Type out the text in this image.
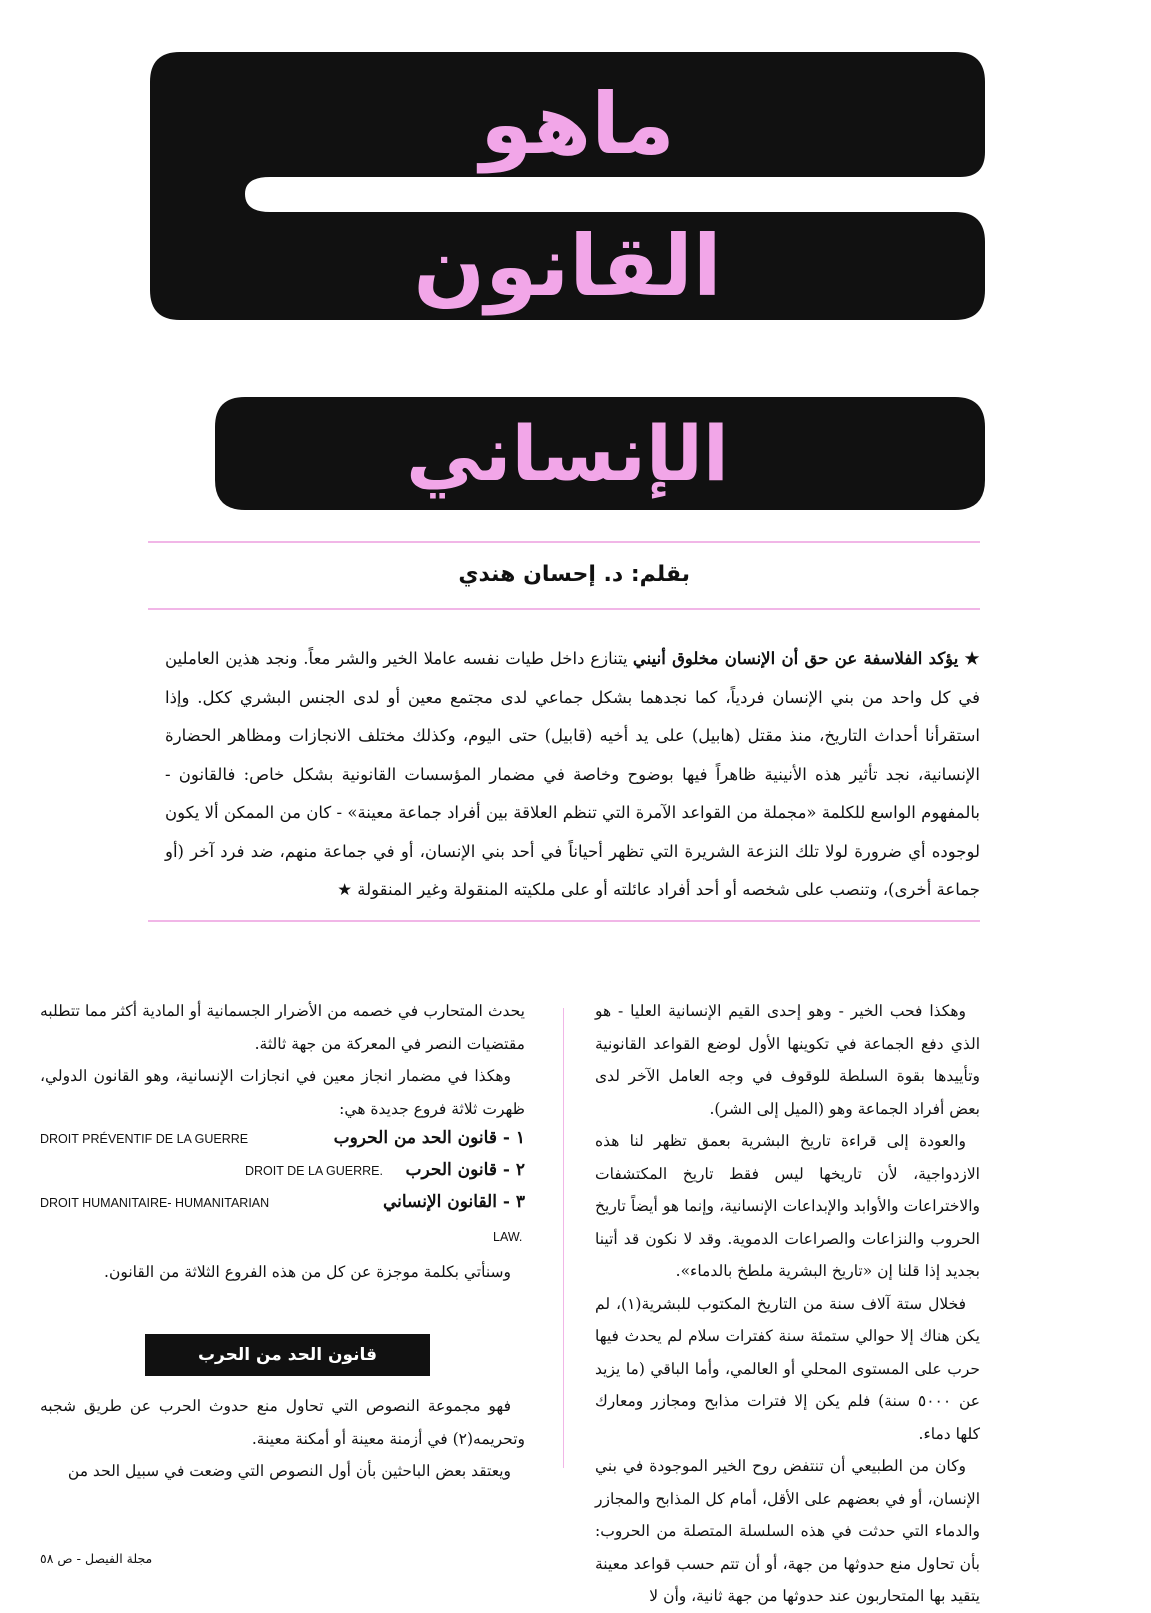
ماهو
القانون
الإنساني
بقلم: د. إحسان هندي
★ يؤكد الفلاسفة عن حق أن الإنسان مخلوق أنيني يتنازع داخل طيات نفسه عاملا الخير والشر معاً. ونجد هذين العاملين في كل واحد من بني الإنسان فردياً، كما نجدهما بشكل جماعي لدى مجتمع معين أو لدى الجنس البشري ككل. وإذا استقرأنا أحداث التاريخ، منذ مقتل (هابيل) على يد أخيه (قابيل) حتى اليوم، وكذلك مختلف الانجازات ومظاهر الحضارة الإنسانية، نجد تأثير هذه الأنينية ظاهراً فيها بوضوح وخاصة في مضمار المؤسسات القانونية بشكل خاص: فالقانون - بالمفهوم الواسع للكلمة «مجملة من القواعد الآمرة التي تنظم العلاقة بين أفراد جماعة معينة» - كان من الممكن ألا يكون لوجوده أي ضرورة لولا تلك النزعة الشريرة التي تظهر أحياناً في أحد بني الإنسان، أو في جماعة منهم، ضد فرد آخر (أو جماعة أخرى)، وتنصب على شخصه أو أحد أفراد عائلته أو على ملكيته المنقولة وغير المنقولة ★

وهكذا فحب الخير - وهو إحدى القيم الإنسانية العليا - هو الذي دفع الجماعة في تكوينها الأول لوضع القواعد القانونية وتأييدها بقوة السلطة للوقوف في وجه العامل الآخر لدى بعض أفراد الجماعة وهو (الميل إلى الشر).

والعودة إلى قراءة تاريخ البشرية بعمق تظهر لنا هذه الازدواجية، لأن تاريخها ليس فقط تاريخ المكتشفات والاختراعات والأوابد والإبداعات الإنسانية، وإنما هو أيضاً تاريخ الحروب والنزاعات والصراعات الدموية. وقد لا نكون قد أتينا بجديد إذا قلنا إن «تاريخ البشرية ملطخ بالدماء».

فخلال ستة آلاف سنة من التاريخ المكتوب للبشرية(١)، لم يكن هناك إلا حوالي ستمئة سنة كفترات سلام لم يحدث فيها حرب على المستوى المحلي أو العالمي، وأما الباقي (ما يزيد عن ٥٠٠٠ سنة) فلم يكن إلا فترات مذابح ومجازر ومعارك كلها دماء.

وكان من الطبيعي أن تنتفض روح الخير الموجودة في بني الإنسان، أو في بعضهم على الأقل، أمام كل المذابح والمجازر والدماء التي حدثت في هذه السلسلة المتصلة من الحروب: بأن تحاول منع حدوثها من جهة، أو أن تتم حسب قواعد معينة يتقيد بها المتحاربون عند حدوثها من جهة ثانية، وأن لا

يحدث المتحارب في خصمه من الأضرار الجسمانية أو المادية أكثر مما تتطلبه مقتضيات النصر في المعركة من جهة ثالثة.

وهكذا في مضمار انجاز معين في انجازات الإنسانية، وهو القانون الدولي، ظهرت ثلاثة فروع جديدة هي:

١ - قانون الحد من الحروب
DROIT PRÉVENTIF DE LA GUERRE
٢ - قانون الحرب
DROIT DE LA GUERRE.
٣ - القانون الإنساني
DROIT HUMANITAIRE- HUMANITARIAN
LAW.

وسنأتي بكلمة موجزة عن كل من هذه الفروع الثلاثة من القانون.

قانون الحد من الحرب

فهو مجموعة النصوص التي تحاول منع حدوث الحرب عن طريق شجبه وتحريمه(٢) في أزمنة معينة أو أمكنة معينة.

ويعتقد بعض الباحثين بأن أول النصوص التي وضعت في سبيل الحد من

مجلة الفيصل - ص ٥٨
